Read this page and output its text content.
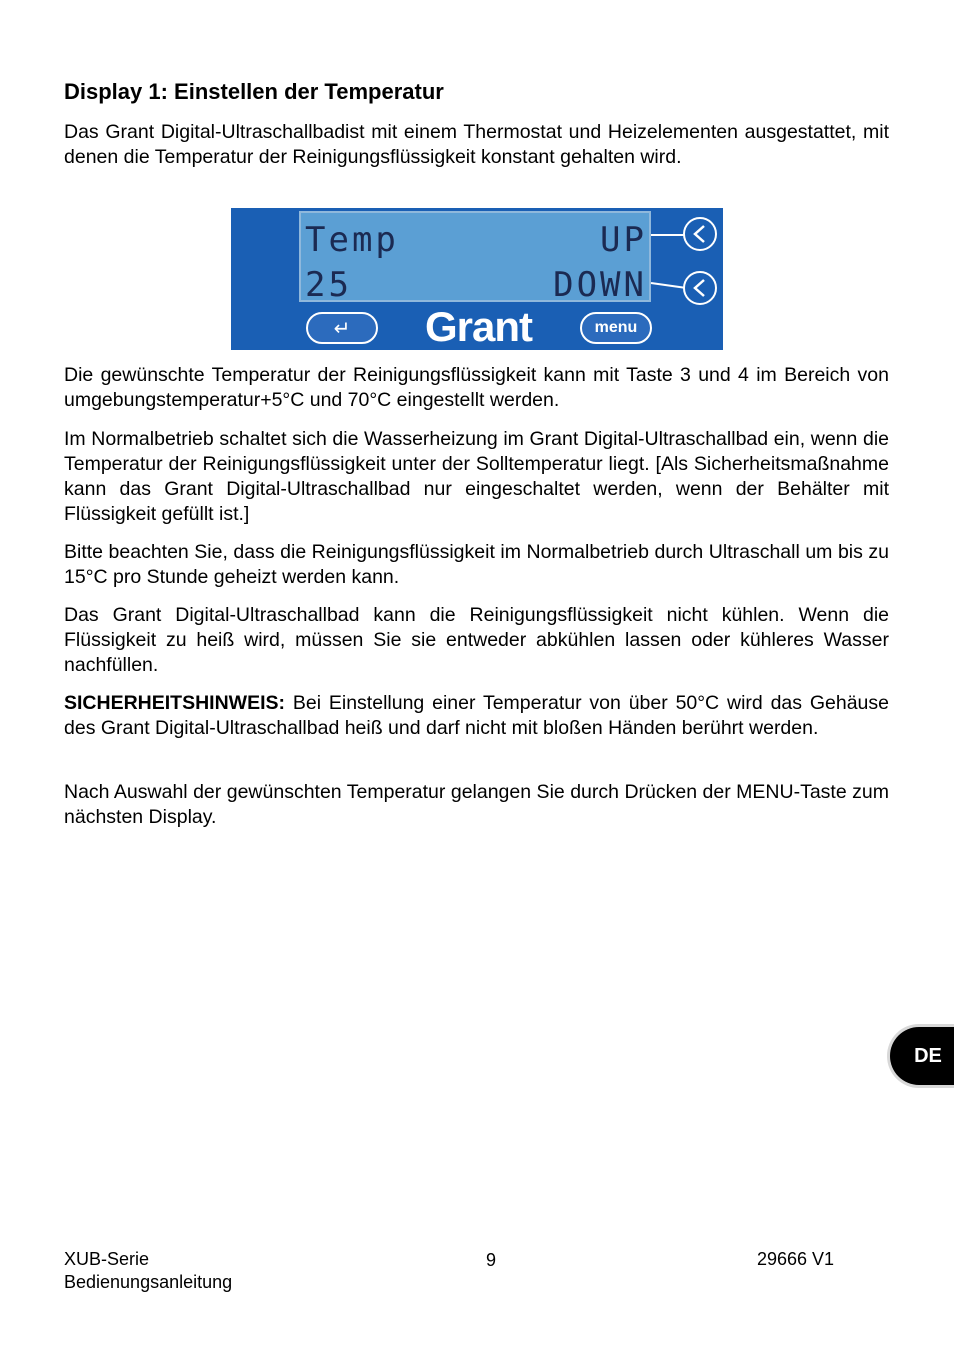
Display 1: Einstellen der Temperatur

Das Grant Digital-Ultraschallbadist mit einem Thermostat und Heizelementen ausgestattet, mit denen die Temperatur der Reinigungsflüssigkeit konstant gehalten wird.

Temp	UP
25	DOWN
↵ Grant	menu

Die gewünschte Temperatur der Reinigungsflüssigkeit kann mit Taste 3 und 4 im Bereich von umgebungstemperatur+5°C und 70°C eingestellt werden.

Im Normalbetrieb schaltet sich die Wasserheizung im Grant Digital-Ultraschallbad ein, wenn die Temperatur der Reinigungsflüssigkeit unter der Solltemperatur liegt. [Als Sicherheitsmaßnahme kann das Grant Digital-Ultraschallbad nur eingeschaltet werden, wenn der Behälter mit Flüssigkeit gefüllt ist.]

Bitte beachten Sie, dass die Reinigungsflüssigkeit im Normalbetrieb durch Ultraschall um bis zu 15°C pro Stunde geheizt werden kann.

Das Grant Digital-Ultraschallbad kann die Reinigungsflüssigkeit nicht kühlen. Wenn die Flüssigkeit zu heiß wird, müssen Sie sie entweder abkühlen lassen oder kühleres Wasser nachfüllen.

SICHERHEITSHINWEIS: Bei Einstellung einer Temperatur von über 50°C wird das Gehäuse des Grant Digital-Ultraschallbad heiß und darf nicht mit bloßen Händen berührt werden.

Nach Auswahl der gewünschten Temperatur gelangen Sie durch Drücken der MENU-Taste zum nächsten Display.

DE
XUB-Serie
Bedienungsanleitung
9	29666 V1
